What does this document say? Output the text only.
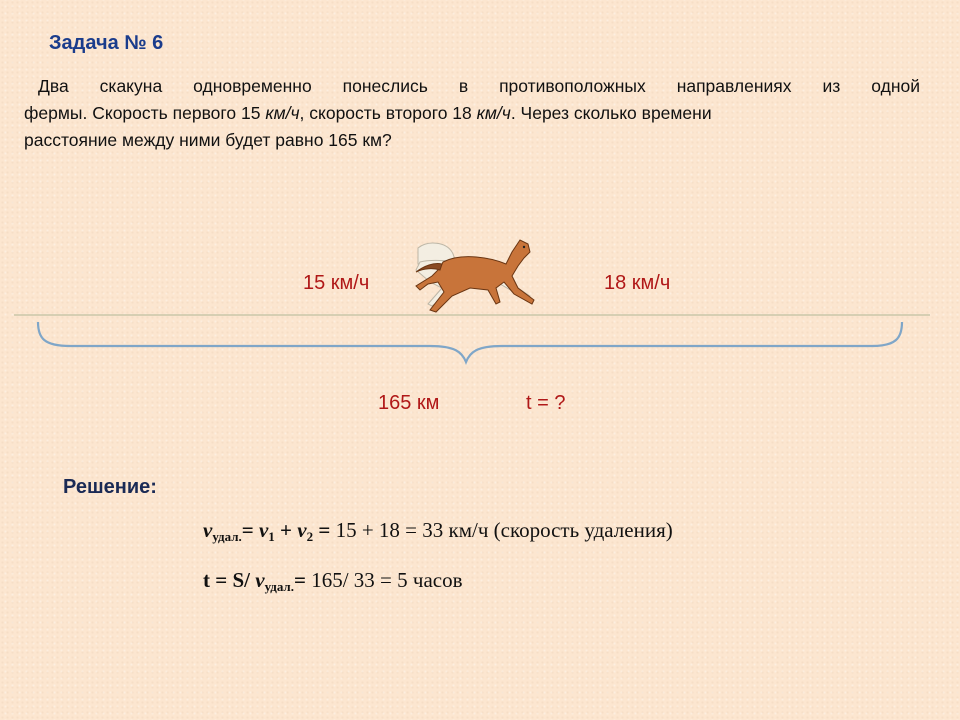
Задача № 6
Два скакуна одновременно понеслись в противоположных направлениях из одной
фермы. Скорость первого 15 км/ч, скорость второго 18 км/ч. Через сколько времени
расстояние между ними будет равно 165 км?
15 км/ч	18 км/ч
165 км	t = ?
Решение:
$v_{удал.}= v_1 + v_2 = 15 + 18 = 33$ км/ч (скорость удаления)
t = S/ $v_{удал.}= 165/$ 33 = 5 часов
